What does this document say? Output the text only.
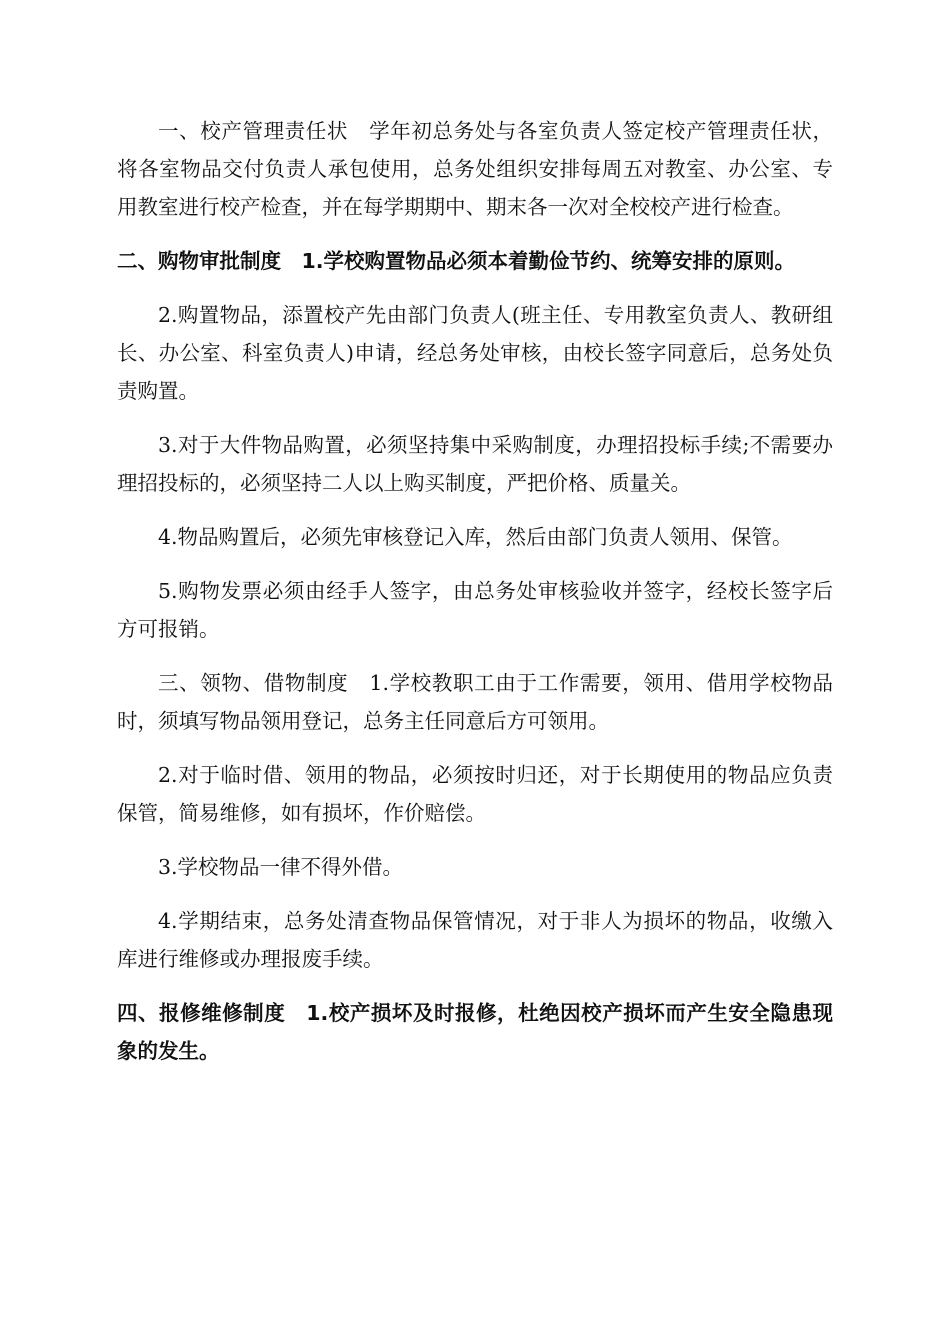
一、校产管理责任状　学年初总务处与各室负责人签定校产管理责任状，将各室物品交付负责人承包使用，总务处组织安排每周五对教室、办公室、专用教室进行校产检查，并在每学期期中、期末各一次对全校校产进行检查。

二、购物审批制度　1.学校购置物品必须本着勤俭节约、统筹安排的原则。

2.购置物品，添置校产先由部门负责人(班主任、专用教室负责人、教研组长、办公室、科室负责人)申请，经总务处审核，由校长签字同意后，总务处负责购置。

3.对于大件物品购置，必须坚持集中采购制度，办理招投标手续;不需要办理招投标的，必须坚持二人以上购买制度，严把价格、质量关。

4.物品购置后，必须先审核登记入库，然后由部门负责人领用、保管。

5.购物发票必须由经手人签字，由总务处审核验收并签字，经校长签字后方可报销。

三、领物、借物制度　1.学校教职工由于工作需要，领用、借用学校物品时，须填写物品领用登记，总务主任同意后方可领用。

2.对于临时借、领用的物品，必须按时归还，对于长期使用的物品应负责保管，简易维修，如有损坏，作价赔偿。

3.学校物品一律不得外借。

4.学期结束，总务处清查物品保管情况，对于非人为损坏的物品，收缴入库进行维修或办理报废手续。

四、报修维修制度　1.校产损坏及时报修，杜绝因校产损坏而产生安全隐患现象的发生。
